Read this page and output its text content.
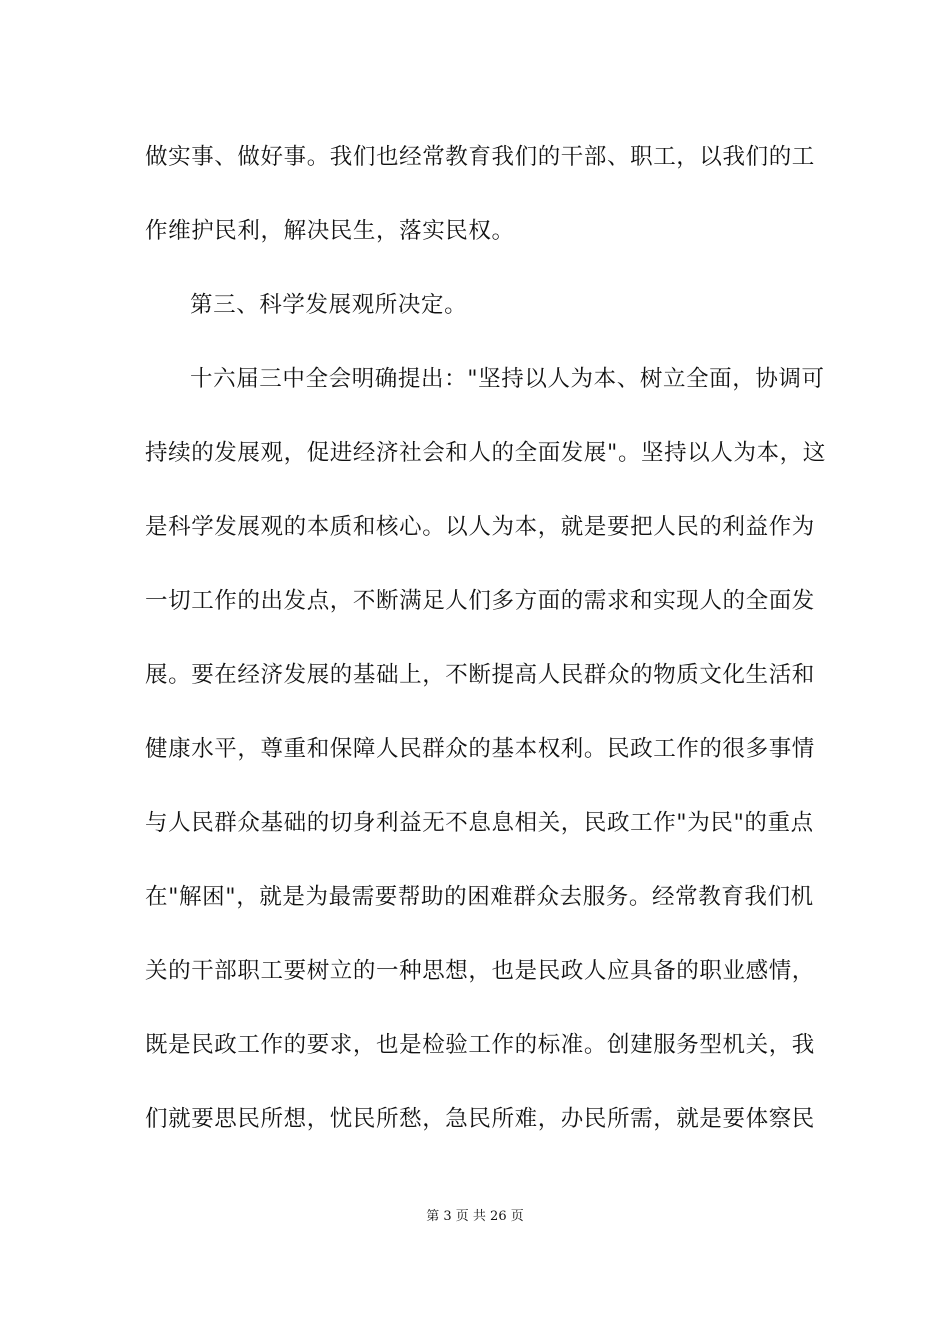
做实事、做好事。我们也经常教育我们的干部、职工，以我们的工
作维护民利，解决民生，落实民权。
第三、科学发展观所决定。
十六届三中全会明确提出："坚持以人为本、树立全面，协调可
持续的发展观，促进经济社会和人的全面发展"。坚持以人为本，这
是科学发展观的本质和核心。以人为本，就是要把人民的利益作为
一切工作的出发点，不断满足人们多方面的需求和实现人的全面发
展。要在经济发展的基础上，不断提高人民群众的物质文化生活和
健康水平，尊重和保障人民群众的基本权利。民政工作的很多事情
与人民群众基础的切身利益无不息息相关，民政工作"为民"的重点
在"解困"，就是为最需要帮助的困难群众去服务。经常教育我们机
关的干部职工要树立的一种思想，也是民政人应具备的职业感情，
既是民政工作的要求，也是检验工作的标准。创建服务型机关，我
们就要思民所想，忧民所愁，急民所难，办民所需，就是要体察民
第 3 页 共 26 页
